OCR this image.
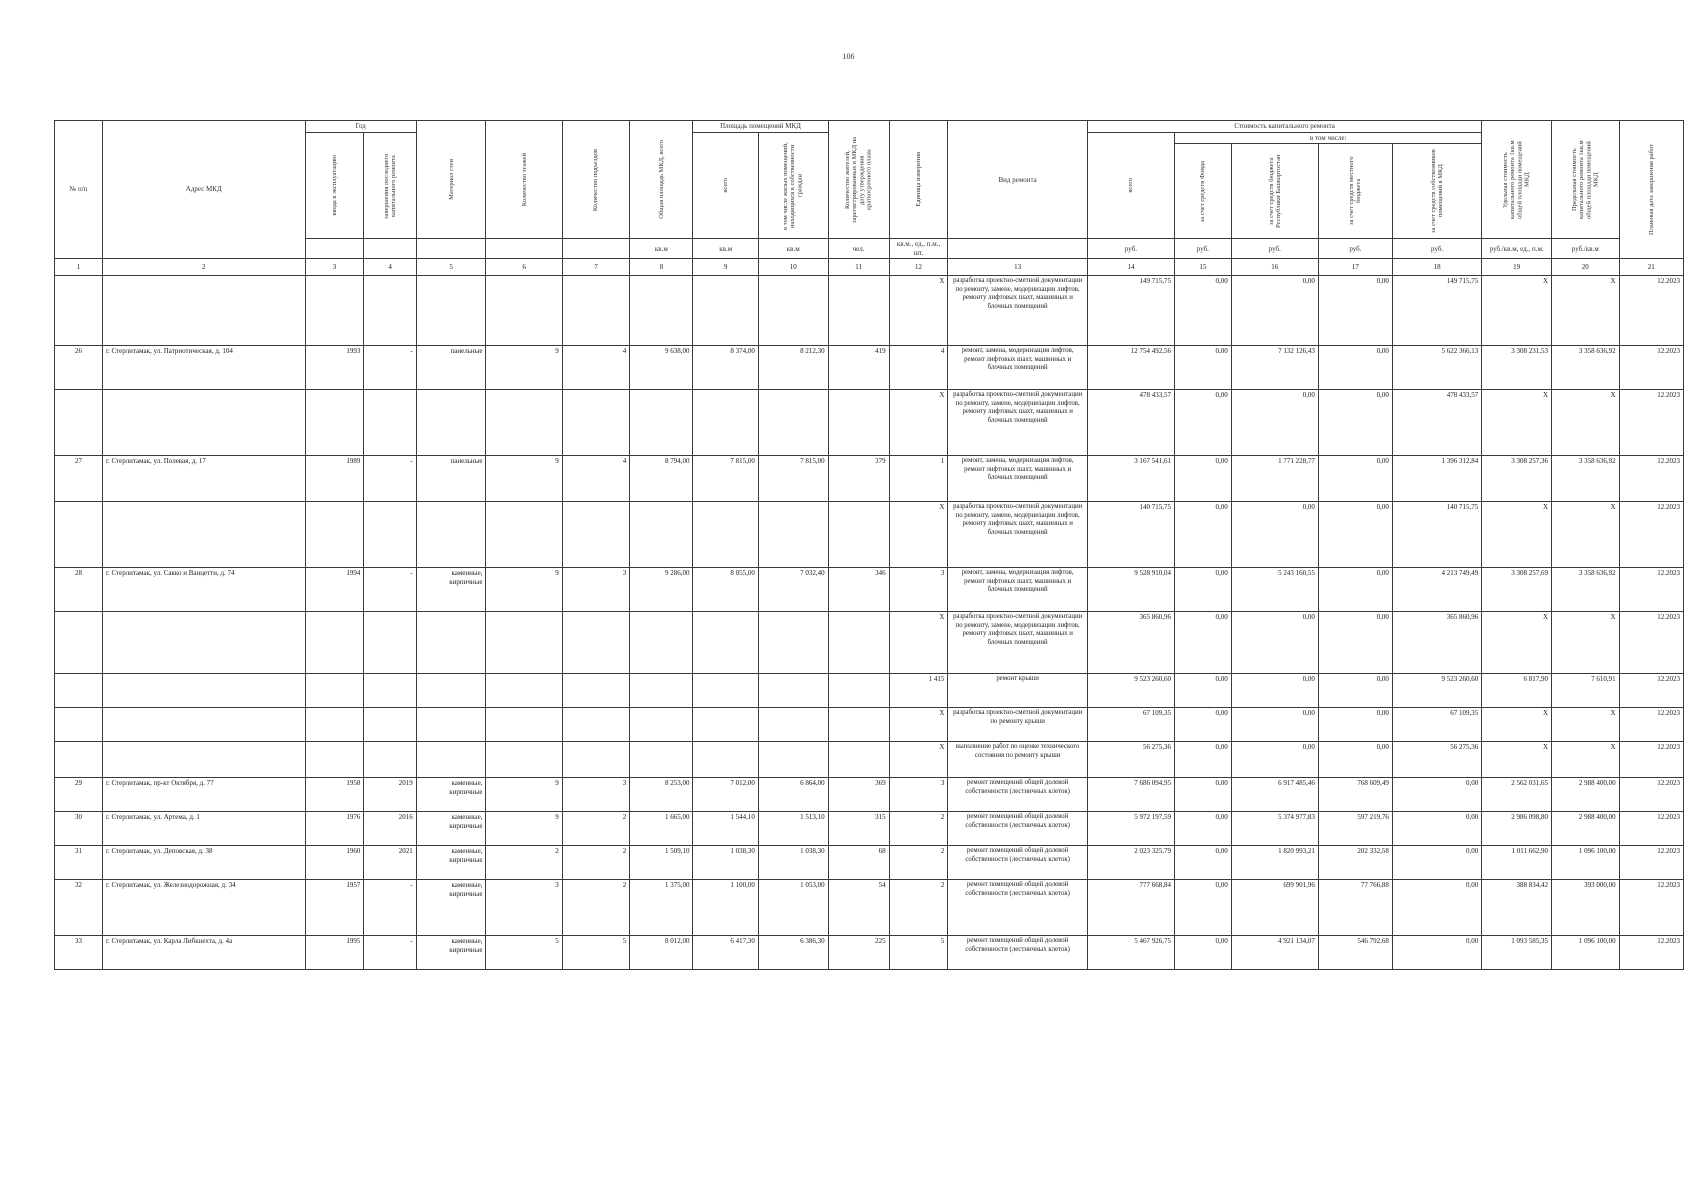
106
№ п/п	Адрес МКД	Год		Материал стен	Количество этажей	Количество подъездов	Общая площадь МКД, всего	Площадь помещений МКД		Количество жителей, зарегистрированных в МКД на дату утверждения краткосрочного плана	Единица измерения	Вид ремонта	Стоимость капитального ремонта					Удельная стоимость капитального ремонта 1кв.м общей площади помещений МКД	Предельная стоимость капитального ремонта 1кв.м общей площади помещений МКД	Плановая дата завершения работ

		ввода в эксплуатацию	завершения последнего капитального ремонта					всего	в том числе жилых помещений, находящихся в собственности граждан				всего	в том числе:						

														за счет средств Фонда	за счет средств бюджета Республики Башкортостан	за счет средств местного бюджета	за счет средств собственников помещений в МКД			

							кв.м	кв.м	кв.м	чел.	кв.м., ед., п.м., шт.		руб.	руб.	руб.	руб.	руб.	руб./кв.м, ед., п.м.	руб./кв.м	
1	2	3	4	5	6	7	8	9	10	11	12	13	14	15	16	17	18	19	20	21
											X	разработка проектно-сметной документации по ремонту, замене, модернизации лифтов, ремонту лифтовых шахт, машинных и блочных помещений	149 715,75	0,00	0,00	0,00	149 715,75	X	X	12.2023
26	г. Стерлитамак, ул. Патриотическая, д. 104	1993	-	панельные	9	4	9 638,00	8 374,00	8 212,30	419	4	ремонт, замена, модернизация лифтов, ремонт лифтовых шахт, машинных и блочных помещений	12 754 492,56	0,00	7 132 126,43	0,00	5 622 366,13	3 308 231,53	3 358 636,92	12.2023
											X	разработка проектно-сметной документации по ремонту, замене, модернизации лифтов, ремонту лифтовых шахт, машинных и блочных помещений	478 433,57	0,00	0,00	0,00	478 433,57	X	X	12.2023
27	г. Стерлитамак, ул. Полевая, д. 17	1989	-	панельные	9	4	8 794,00	7 815,00	7 815,00	379	1	ремонт, замена, модернизация лифтов, ремонт лифтовых шахт, машинных и блочных помещений	3 167 541,61	0,00	1 771 228,77	0,00	1 396 312,84	3 308 257,36	3 358 636,92	12.2023
											X	разработка проектно-сметной документации по ремонту, замене, модернизации лифтов, ремонту лифтовых шахт, машинных и блочных помещений	140 715,75	0,00	0,00	0,00	140 715,75	X	X	12.2023
28	г. Стерлитамак, ул. Сакко и Ванцетти, д. 74	1994	-	каменные, кирпичные	9	3	9 286,00	8 055,00	7 032,40	346	3	ремонт, замена, модернизация лифтов, ремонт лифтовых шахт, машинных и блочных помещений	9 528 910,04	0,00	5 243 160,55	0,00	4 213 749,49	3 308 257,69	3 358 636,92	12.2023
											X	разработка проектно-сметной документации по ремонту, замене, модернизации лифтов, ремонту лифтовых шахт, машинных и блочных помещений	365 860,96	0,00	0,00	0,00	365 860,96	X	X	12.2023
											1 415	ремонт крыши	9 523 260,60	0,00	0,00	0,00	9 523 260,60	6 817,90	7 610,91	12.2023
											X	разработка проектно-сметной документации по ремонту крыши	67 109,35	0,00	0,00	0,00	67 109,35	X	X	12.2023
											X	выполнение работ по оценке технического состояния по ремонту крыши	56 275,36	0,00	0,00	0,00	56 275,36	X	X	12.2023
29	г. Стерлитамак, пр-кт Октября, д. 77	1958	2019	каменные, кирпичные	9	3	8 253,00	7 012,00	6 864,00	369	3	ремонт помещений общей долевой собственности (лестничных клеток)	7 686 094,95	0,00	6 917 485,46	768 609,49	0,00	2 562 031,65	2 988 400,00	12.2023
30	г. Стерлитамак, ул. Артема, д. 1	1976	2016	каменные, кирпичные	9	2	1 665,00	1 544,10	1 513,10	315	2	ремонт помещений общей долевой собственности (лестничных клеток)	5 972 197,59	0,00	5 374 977,83	597 219,76	0,00	2 986 098,80	2 988 400,00	12.2023
31	г. Стерлитамак, ул. Деповская, д. 38	1960	2021	каменные, кирпичные	2	2	1 509,10	1 038,30	1 038,30	68	2	ремонт помещений общей долевой собственности (лестничных клеток)	2 023 325,79	0,00	1 820 993,21	202 332,58	0,00	1 011 662,90	1 096 100,00	12.2023
32	г. Стерлитамак, ул. Железнодорожная, д. 34	1957	-	каменные, кирпичные	3	2	1 375,00	1 100,00	1 053,00	54	2	ремонт помещений общей долевой собственности (лестничных клеток)	777 668,84	0,00	699 901,96	77 766,88	0,00	388 834,42	393 000,00	12.2023
33	г. Стерлитамак, ул. Карла Либкнехта, д. 4а	1995	-	каменные, кирпичные	5	5	8 012,00	6 417,30	6 386,30	225	5	ремонт помещений общей долевой собственности (лестничных клеток)	5 467 926,75	0,00	4 921 134,07	546 792,68	0,00	1 093 585,35	1 096 100,00	12.2023
